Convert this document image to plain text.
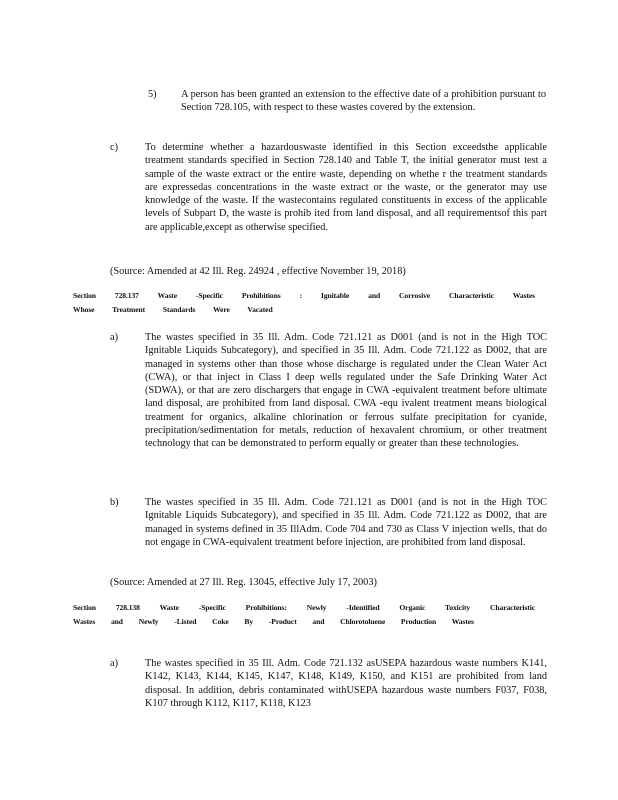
5) A person has been granted an extension to the effective date of a prohibition pursuant to Section 728.105, with respect to these wastes covered by the extension.
c)	To determine whether a hazardouswaste identified in this Section exceedsthe applicable treatment standards specified in Section 728.140 and Table T, the initial generator must test a sample of the waste extract or the entire waste, depending on whethe r the treatment standards are expressedas concentrations in the waste extract or the waste, or the generator may use knowledge of the waste. If the wastecontains regulated constituents in excess of the applicable levels of Subpart D, the waste is prohib ited from land disposal, and all requirementsof this part are applicable,except as otherwise specified.
(Source: Amended at 42 Ill. Reg. 24924 , effective November 19, 2018)
Section 728.137 Waste -Specific Prohibitions : Ignitable and Corrosive Characteristic Wastes Whose Treatment Standards Were Vacated
a)	The wastes specified in 35 Ill. Adm. Code 721.121 as D001 (and is not in the High TOC Ignitable Liquids Subcategory), and specified in 35 Ill. Adm. Code 721.122 as D002, that are managed in systems other than those whose discharge is regulated under the Clean Water Act (CWA), or that inject in Class I deep wells regulated under the Safe Drinking Water Act (SDWA), or that are zero dischargers that engage in CWA -equivalent treatment before ultimate land disposal, are prohibited from land disposal. CWA -equ ivalent treatment means biological treatment for organics, alkaline chlorination or ferrous sulfate precipitation for cyanide, precipitation/sedimentation for metals, reduction of hexavalent chromium, or other treatment technology that can be demonstrated to perform equally or greater than these technologies.
b)	The wastes specified in 35 Ill. Adm. Code 721.121 as D001 (and is not in the High TOC Ignitable Liquids Subcategory), and specified in 35 Ill. Adm. Code 721.122 as D002, that are managed in systems defined in 35 IllAdm. Code 704 and 730 as Class V injection wells, that do not engage in CWA-equivalent treatment before injection, are prohibited from land disposal.
(Source: Amended at 27 Ill. Reg. 13045, effective July 17, 2003)
Section 728.138 Waste -Specific Prohibitions: Newly -Identified Organic Toxicity Characteristic Wastes and Newly -Listed Coke By -Product and Chlorotoluene Production Wastes
a)	The wastes specified in 35 Ill. Adm. Code 721.132 asUSEPA hazardous waste numbers K141, K142, K143, K144, K145, K147, K148, K149, K150, and K151 are prohibited from land disposal. In addition, debris contaminated withUSEPA hazardous waste numbers F037, F038, K107 through K112, K117, K118, K123
